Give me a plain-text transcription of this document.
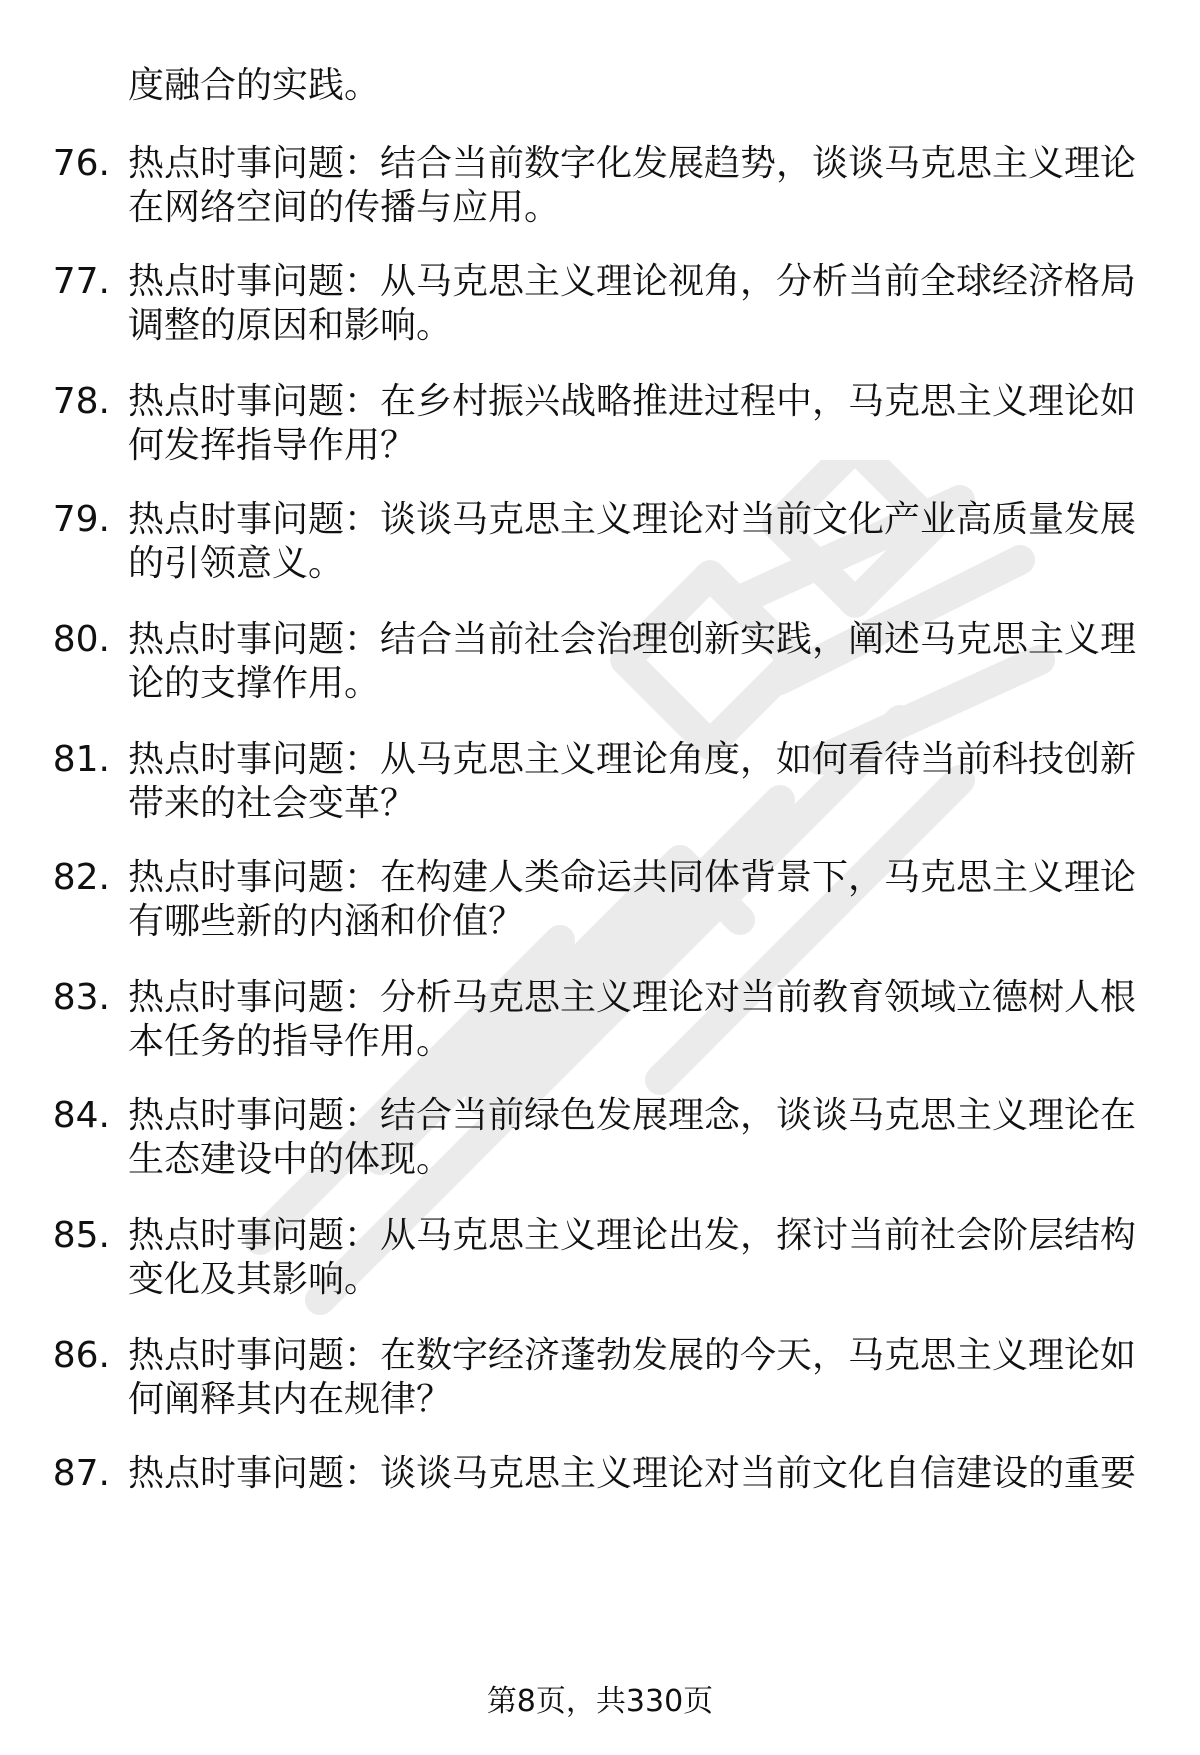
度融合的实践。
76. 热点时事问题：结合当前数字化发展趋势，谈谈马克思主义理论
在网络空间的传播与应用。
77. 热点时事问题：从马克思主义理论视角，分析当前全球经济格局
调整的原因和影响。
78. 热点时事问题：在乡村振兴战略推进过程中，马克思主义理论如
何发挥指导作用？
79. 热点时事问题：谈谈马克思主义理论对当前文化产业高质量发展
的引领意义。
80. 热点时事问题：结合当前社会治理创新实践，阐述马克思主义理
论的支撑作用。
81. 热点时事问题：从马克思主义理论角度，如何看待当前科技创新
带来的社会变革？
82. 热点时事问题：在构建人类命运共同体背景下，马克思主义理论
有哪些新的内涵和价值？
83. 热点时事问题：分析马克思主义理论对当前教育领域立德树人根
本任务的指导作用。
84. 热点时事问题：结合当前绿色发展理念，谈谈马克思主义理论在
生态建设中的体现。
85. 热点时事问题：从马克思主义理论出发，探讨当前社会阶层结构
变化及其影响。
86. 热点时事问题：在数字经济蓬勃发展的今天，马克思主义理论如
何阐释其内在规律？
87. 热点时事问题：谈谈马克思主义理论对当前文化自信建设的重要
第8页，共330页
